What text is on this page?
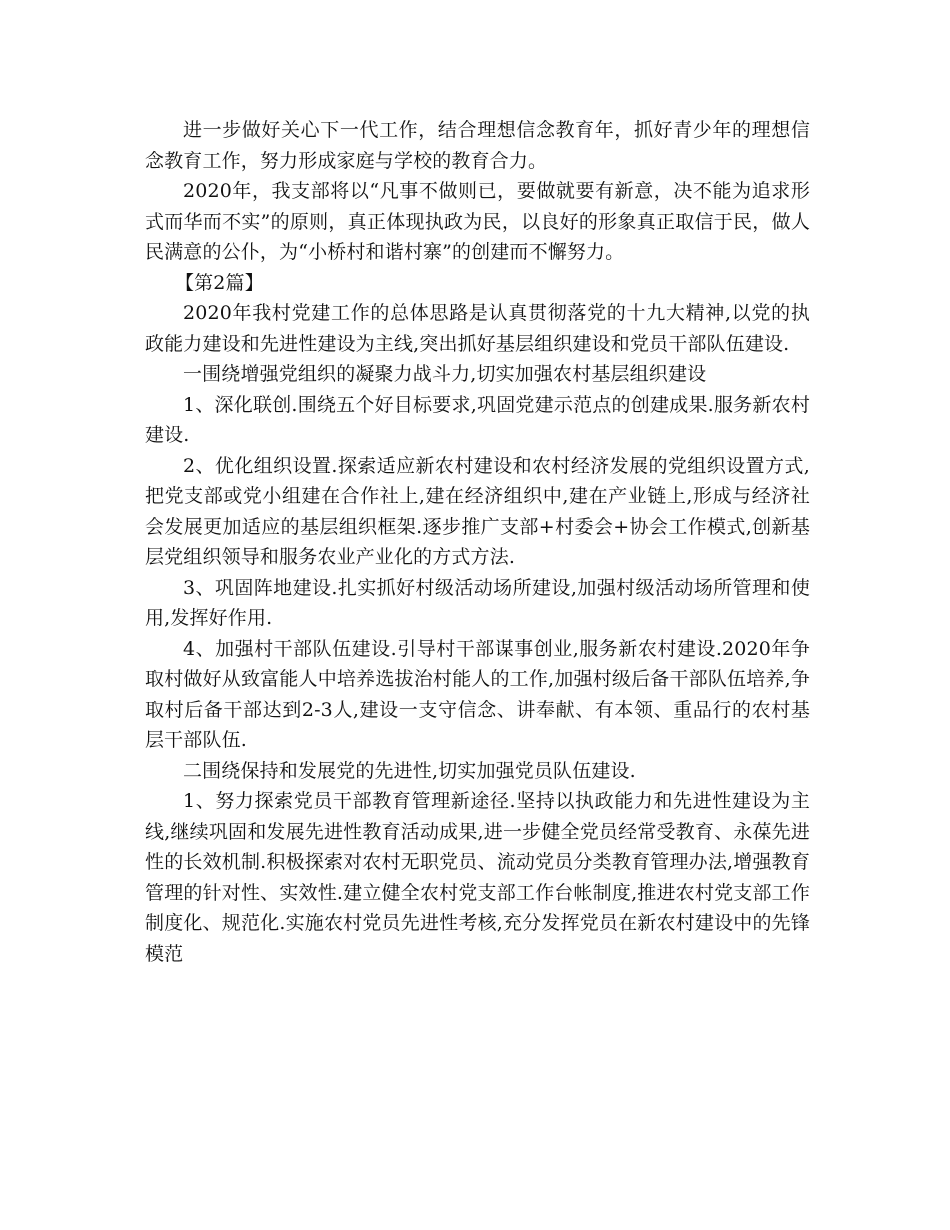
进一步做好关心下一代工作，结合理想信念教育年，抓好青少年的理想信念教育工作，努力形成家庭与学校的教育合力。

2020年，我支部将以“凡事不做则已，要做就要有新意，决不能为追求形式而华而不实”的原则，真正体现执政为民，以良好的形象真正取信于民，做人民满意的公仆，为“小桥村和谐村寨”的创建而不懈努力。

【第2篇】

2020年我村党建工作的总体思路是认真贯彻落党的十九大精神,以党的执政能力建设和先进性建设为主线,突出抓好基层组织建设和党员干部队伍建设.

一围绕增强党组织的凝聚力战斗力,切实加强农村基层组织建设

1、深化联创.围绕五个好目标要求,巩固党建示范点的创建成果.服务新农村建设.

2、优化组织设置.探索适应新农村建设和农村经济发展的党组织设置方式,把党支部或党小组建在合作社上,建在经济组织中,建在产业链上,形成与经济社会发展更加适应的基层组织框架.逐步推广支部+村委会+协会工作模式,创新基层党组织领导和服务农业产业化的方式方法.

3、巩固阵地建设.扎实抓好村级活动场所建设,加强村级活动场所管理和使用,发挥好作用.

4、加强村干部队伍建设.引导村干部谋事创业,服务新农村建设.2020年争取村做好从致富能人中培养选拔治村能人的工作,加强村级后备干部队伍培养,争取村后备干部达到2-3人,建设一支守信念、讲奉献、有本领、重品行的农村基层干部队伍.

二围绕保持和发展党的先进性,切实加强党员队伍建设.

1、努力探索党员干部教育管理新途径.坚持以执政能力和先进性建设为主线,继续巩固和发展先进性教育活动成果,进一步健全党员经常受教育、永葆先进性的长效机制.积极探索对农村无职党员、流动党员分类教育管理办法,增强教育管理的针对性、实效性.建立健全农村党支部工作台帐制度,推进农村党支部工作制度化、规范化.实施农村党员先进性考核,充分发挥党员在新农村建设中的先锋模范
